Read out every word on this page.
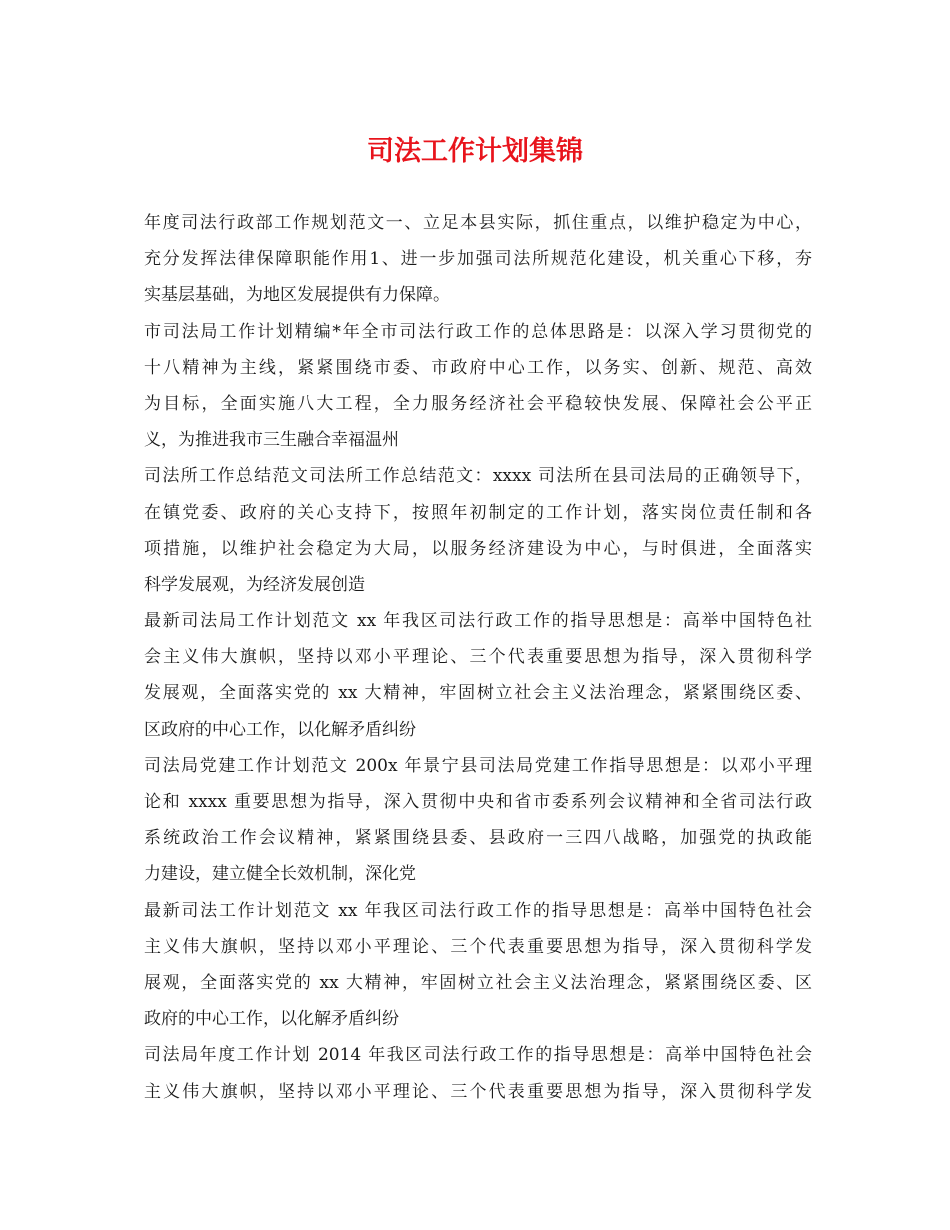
司法工作计划集锦
年度司法行政部工作规划范文一、立足本县实际，抓住重点，以维护稳定为中心，
充分发挥法律保障职能作用1、进一步加强司法所规范化建设，机关重心下移，夯
实基层基础，为地区发展提供有力保障。
市司法局工作计划精编*年全市司法行政工作的总体思路是：以深入学习贯彻党的
十八精神为主线，紧紧围绕市委、市政府中心工作，以务实、创新、规范、高效
为目标，全面实施八大工程，全力服务经济社会平稳较快发展、保障社会公平正
义，为推进我市三生融合幸福温州
司法所工作总结范文司法所工作总结范文：xxxx 司法所在县司法局的正确领导下，
在镇党委、政府的关心支持下，按照年初制定的工作计划，落实岗位责任制和各
项措施，以维护社会稳定为大局，以服务经济建设为中心，与时俱进，全面落实
科学发展观，为经济发展创造
最新司法局工作计划范文 xx 年我区司法行政工作的指导思想是：高举中国特色社
会主义伟大旗帜，坚持以邓小平理论、三个代表重要思想为指导，深入贯彻科学
发展观，全面落实党的 xx 大精神，牢固树立社会主义法治理念，紧紧围绕区委、
区政府的中心工作，以化解矛盾纠纷
司法局党建工作计划范文 200x 年景宁县司法局党建工作指导思想是：以邓小平理
论和 xxxx 重要思想为指导，深入贯彻中央和省市委系列会议精神和全省司法行政
系统政治工作会议精神，紧紧围绕县委、县政府一三四八战略，加强党的执政能
力建设，建立健全长效机制，深化党
最新司法工作计划范文 xx 年我区司法行政工作的指导思想是：高举中国特色社会
主义伟大旗帜，坚持以邓小平理论、三个代表重要思想为指导，深入贯彻科学发
展观，全面落实党的 xx 大精神，牢固树立社会主义法治理念，紧紧围绕区委、区
政府的中心工作，以化解矛盾纠纷
司法局年度工作计划 2014 年我区司法行政工作的指导思想是：高举中国特色社会
主义伟大旗帜，坚持以邓小平理论、三个代表重要思想为指导，深入贯彻科学发
